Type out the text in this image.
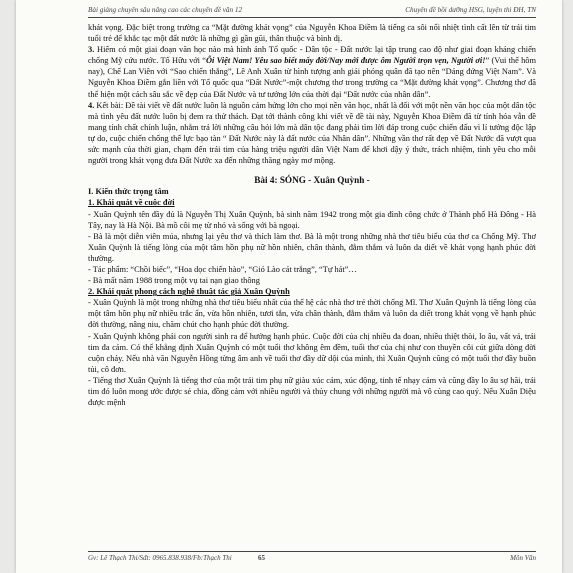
Bài giảng chuyên sâu nâng cao các chuyên đề văn 12	Chuyên đề bồi dưỡng HSG, luyện thi ĐH, TN

khát vọng. Đặc biệt trong trường ca “Mặt đường khát vọng” của Nguyễn Khoa Điềm là tiếng ca sôi nổi nhiệt tình cất lên từ trái tim tuổi trẻ để khắc tạc một đất nước là những gì gần gũi, thân thuộc và bình dị.

3. Hiếm có một giai đoạn văn học nào mà hình ảnh Tổ quốc - Dân tộc - Đất nước lại tập trung cao độ như giai đoạn kháng chiến chống Mỹ cứu nước. Tố Hữu với “Ôi Việt Nam! Yêu sao biết mấy đời/Nay mới được ôm Người trọn vẹn, Người ơi!” (Vui thế hôm nay), Chế Lan Viên với “Sao chiến thắng”, Lê Anh Xuân từ hình tượng anh giải phóng quân đã tạo nên “Dáng đứng Việt Nam”. Và Nguyễn Khoa Điềm gắn liền với Tổ quốc qua “Đất Nước”-một chương thơ trong trường ca “Mặt đường khát vọng”. Chương thơ đã thể hiện một cách sâu sắc về đẹp của Đất Nước và tư tưởng lớn của thời đại “Đất nước của nhân dân”.

4. Kết bài: Đề tài viết về đất nước luôn là nguồn cảm hứng lớn cho mọi nền văn học, nhất là đối với một nền văn học của một dân tộc mà tình yêu đất nước luôn bị đem ra thử thách. Đạt tới thành công khi viết về đề tài này, Nguyễn Khoa Điềm đã từ tính hóa vẫn đề mang tính chất chính luận, nhằm trả lời những câu hỏi lớn mà dân tộc đang phải tìm lời đáp trong cuộc chiến đấu vì lí tưởng độc lập tự do, cuộc chiến chống thế lực bạo tàn “ Đất Nước này là đất nước của Nhân dân”. Những vần thơ rất đẹp về Đất Nước đã vượt qua sức mạnh của thời gian, chạm đến trái tim của hàng triệu người dân Việt Nam để khơi dậy ý thức, trách nhiệm, tình yêu cho mỗi người trong khát vọng đưa Đất Nước xa đến những thăng ngày mơ mộng.

Bài 4: SÓNG - Xuân Quỳnh -

I. Kiến thức trọng tâm

1. Khái quát về cuộc đời

- Xuân Quỳnh tên đầy đủ là Nguyễn Thị Xuân Quỳnh, bà sinh năm 1942 trong một gia đình công chức ở Thành phố Hà Đông - Hà Tây, nay là Hà Nội. Bà mồ côi mẹ từ nhỏ và sống với bà ngoại.

- Bà là một diễn viên múa, nhưng lại yêu thơ và thích làm thơ. Bà là một trong những nhà thơ tiêu biểu của thơ ca Chống Mỹ. Thơ Xuân Quỳnh là tiếng lòng của một tâm hồn phụ nữ hồn nhiên, chân thành, đằm thắm và luôn da diết về khát vọng hạnh phúc đời thường.

- Tác phẩm: “Chồi biếc”, “Hoa dọc chiến hào”, “Gió Lào cát trắng”, “Tự hát”…

- Bà mất năm 1988 trong một vụ tai nạn giao thông

2. Khái quát phong cách nghệ thuật tác giả Xuân Quỳnh

- Xuân Quỳnh là một trong những nhà thơ tiêu biểu nhất của thế hệ các nhà thơ trẻ thời chống Mĩ. Thơ Xuân Quỳnh là tiếng lòng của một tâm hồn phụ nữ nhiều trắc ẩn, vừa hồn nhiên, tươi tắn, vừa chân thành, đằm thắm và luôn da diết trong khát vọng về hạnh phúc đời thường, nâng niu, chăm chút cho hạnh phúc đời thường.

- Xuân Quỳnh không phải con người sinh ra để hưởng hạnh phúc. Cuộc đời của chị nhiều đa đoan, nhiều thiệt thòi, lo âu, vất vả, trái tim đa cảm. Có thể khẳng định Xuân Quỳnh có một tuổi thơ không êm đềm, tuổi thơ của chị như con thuyền côi cút giữa dòng đời cuộn chảy. Nếu nhà văn Nguyễn Hồng từng âm anh về tuổi thơ đầy dữ dội của mình, thì Xuân Quỳnh cũng có một tuổi thơ đầy buồn tủi, cô đơn.

- Tiếng thơ Xuân Quỳnh là tiếng thơ của một trái tim phụ nữ giàu xúc cảm, xúc động, tinh tế nhạy cảm và cũng đầy lo âu sợ hãi, trái tim đó luôn mong ước được sẻ chia, đồng cảm với nhiều người và thủy chung với những người mà vô cùng cao quý. Nếu Xuân Diệu được mệnh

Gv: Lê Thạch Thi/Sđt: 0965.838.938/Fb:Thạch Thi	65	Môn Văn
